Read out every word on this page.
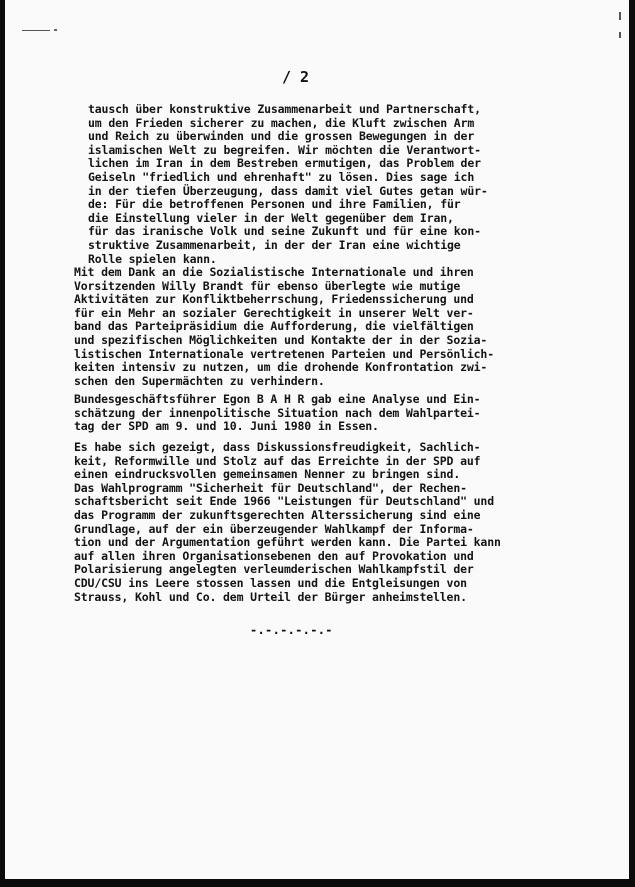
/ 2

tausch über konstruktive Zusammenarbeit und Partnerschaft,
um den Frieden sicherer zu machen, die Kluft zwischen Arm
und Reich zu überwinden und die grossen Bewegungen in der
islamischen Welt zu begreifen. Wir möchten die Verantwort-
lichen im Iran in dem Bestreben ermutigen, das Problem der
Geiseln "friedlich und ehrenhaft" zu lösen. Dies sage ich
in der tiefen Überzeugung, dass damit viel Gutes getan wür-
de: Für die betroffenen Personen und ihre Familien, für
die Einstellung vieler in der Welt gegenüber dem Iran,
für das iranische Volk und seine Zukunft und für eine kon-
struktive Zusammenarbeit, in der der Iran eine wichtige
Rolle spielen kann.

Mit dem Dank an die Sozialistische Internationale und ihren
Vorsitzenden Willy Brandt für ebenso überlegte wie mutige
Aktivitäten zur Konfliktbeherrschung, Friedenssicherung und
für ein Mehr an sozialer Gerechtigkeit in unserer Welt ver-
band das Parteipräsidium die Aufforderung, die vielfältigen
und spezifischen Möglichkeiten und Kontakte der in der Sozia-
listischen Internationale vertretenen Parteien und Persönlich-
keiten intensiv zu nutzen, um die drohende Konfrontation zwi-
schen den Supermächten zu verhindern.

Bundesgeschäftsführer Egon B A H R gab eine Analyse und Ein-
schätzung der innenpolitische Situation nach dem Wahlpartei-
tag der SPD am 9. und 10. Juni 1980 in Essen.

Es habe sich gezeigt, dass Diskussionsfreudigkeit, Sachlich-
keit, Reformwille und Stolz auf das Erreichte in der SPD auf
einen eindrucksvollen gemeinsamen Nenner zu bringen sind.
Das Wahlprogramm "Sicherheit für Deutschland", der Rechen-
schaftsbericht seit Ende 1966 "Leistungen für Deutschland" und
das Programm der zukunftsgerechten Alterssicherung sind eine
Grundlage, auf der ein überzeugender Wahlkampf der Informa-
tion und der Argumentation geführt werden kann. Die Partei kann
auf allen ihren Organisationsebenen den auf Provokation und
Polarisierung angelegten verleumderischen Wahlkampfstil der
CDU/CSU ins Leere stossen lassen und die Entgleisungen von
Strauss, Kohl und Co. dem Urteil der Bürger anheimstellen.

-.-.-.-.-.-
